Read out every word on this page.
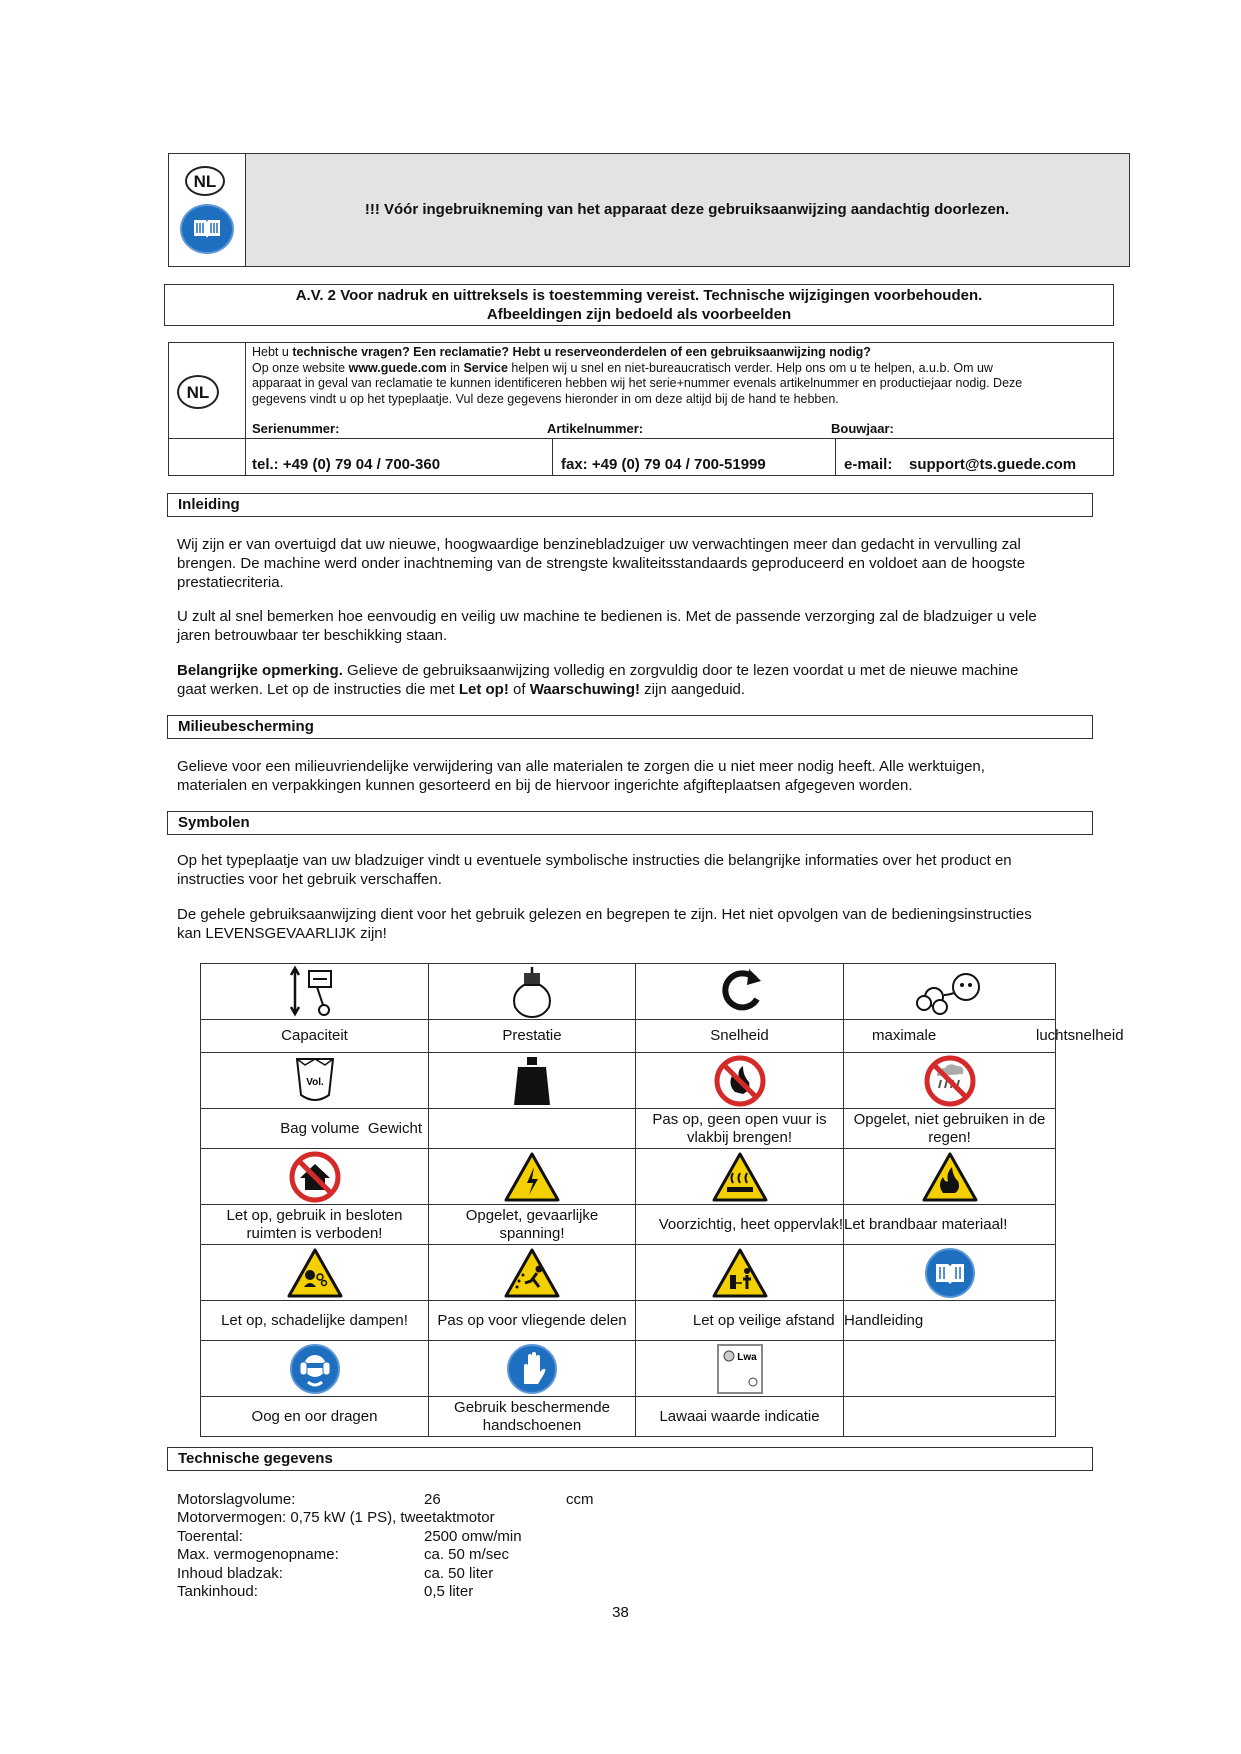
NL
!!! Vóór ingebruikneming van het apparaat deze gebruiksaanwijzing aandachtig doorlezen.
A.V. 2 Voor nadruk en uittreksels is toestemming vereist. Technische wijzigingen voorbehouden.
Afbeeldingen zijn bedoeld als voorbeelden
NL
Hebt u technische vragen? Een reclamatie? Hebt u reserveonderdelen of een gebruiksaanwijzing nodig?
Op onze website www.guede.com in Service helpen wij u snel en niet-bureaucratisch verder. Help ons om u te helpen, a.u.b. Om uw
apparaat in geval van reclamatie te kunnen identificeren hebben wij het serie+nummer evenals artikelnummer en productiejaar nodig. Deze
gegevens vindt u op het typeplaatje. Vul deze gegevens hieronder in om deze altijd bij de hand te hebben.
Serienummer:	Artikelnummer:	Bouwjaar:
tel.: +49 (0) 79 04 / 700-360	fax: +49 (0) 79 04 / 700-51999	e-mail: support@ts.guede.com
Inleiding
Wij zijn er van overtuigd dat uw nieuwe, hoogwaardige benzinebladzuiger uw verwachtingen meer dan gedacht in vervulling zal
brengen. De machine werd onder inachtneming van de strengste kwaliteitsstandaards geproduceerd en voldoet aan de hoogste
prestatiecriteria.
U zult al snel bemerken hoe eenvoudig en veilig uw machine te bedienen is. Met de passende verzorging zal de bladzuiger u vele
jaren betrouwbaar ter beschikking staan.
Belangrijke opmerking. Gelieve de gebruiksaanwijzing volledig en zorgvuldig door te lezen voordat u met de nieuwe machine
gaat werken. Let op de instructies die met Let op! of Waarschuwing! zijn aangeduid.
Milieubescherming
Gelieve voor een milieuvriendelijke verwijdering van alle materialen te zorgen die u niet meer nodig heeft. Alle werktuigen,
materialen en verpakkingen kunnen gesorteerd en bij de hiervoor ingerichte afgifteplaatsen afgegeven worden.
Symbolen
Op het typeplaatje van uw bladzuiger vindt u eventuele symbolische instructies die belangrijke informaties over het product en
instructies voor het gebruik verschaffen.
De gehele gebruiksaanwijzing dient voor het gebruik gelezen en begrepen te zijn. Het niet opvolgen van de bedieningsinstructies
kan LEVENSGEVAARLIJK zijn!

Capaciteit	Prestatie	Snelheid	maximale luchtsnelheid

Vol.

Bag volume Gewicht		Pas op, geen open vuur is vlakbij brengen!	Opgelet, niet gebruiken in de regen!

Let op, gebruik in besloten ruimten is verboden!	Opgelet, gevaarlijke spanning!	Voorzichtig, heet oppervlak!	Let brandbaar materiaal!

Let op, schadelijke dampen!	Pas op voor vliegende delen	Let op veilige afstand	Handleiding

Lwa	

Oog en oor dragen	Gebruik beschermende handschoenen	Lawaai waarde indicatie	
Technische gegevens
Motorslagvolume:	26	ccm
Motorvermogen: 0,75 kW (1 PS), tweetaktmotor
Toerental:	2500 omw/min
Max. vermogenopname:	ca. 50 m/sec
Inhoud bladzak:	ca. 50 liter
Tankinhoud:	0,5 liter
38
